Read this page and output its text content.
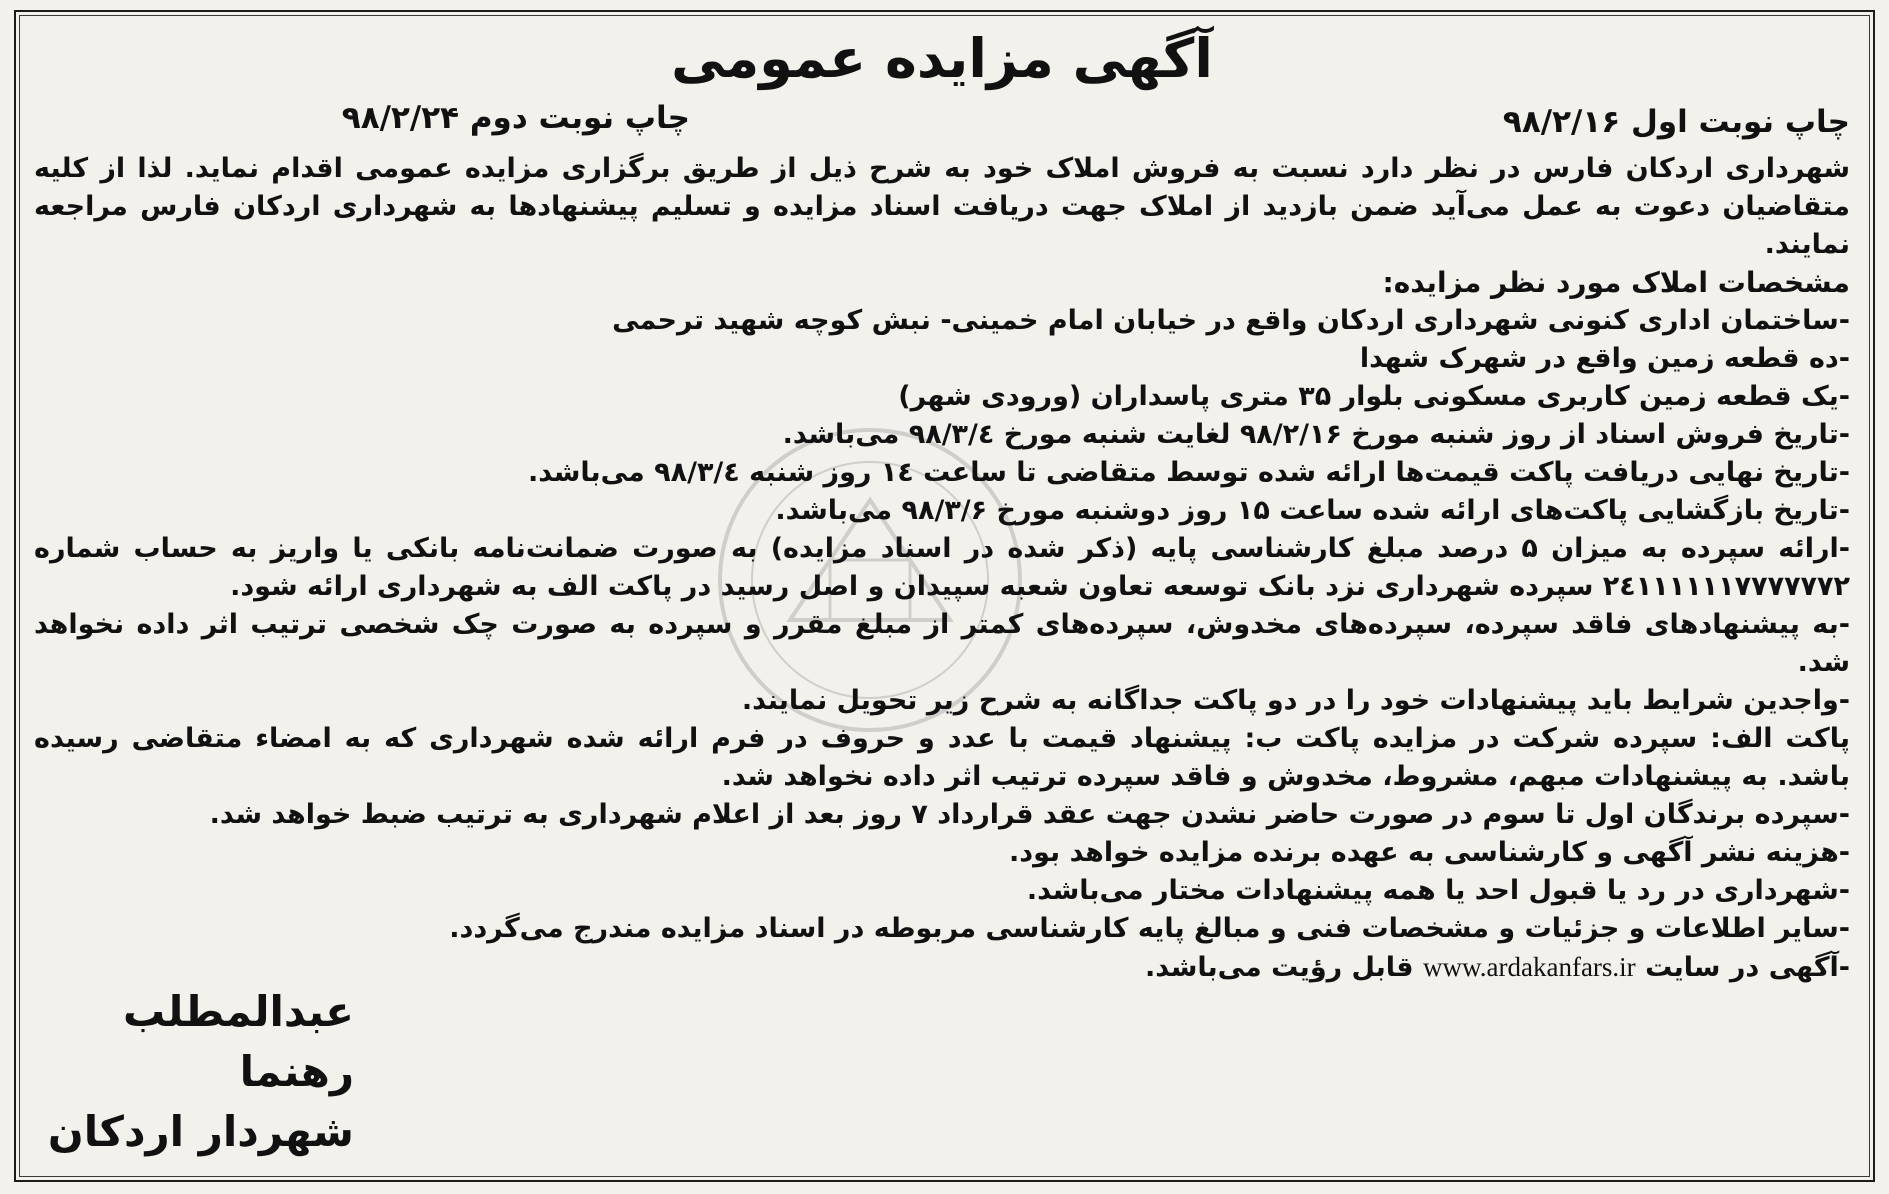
آگهی مزایده عمومی
چاپ نوبت اول ۹۸/۲/۱۶
چاپ نوبت دوم ۹۸/۲/۲۴

شهرداری اردکان فارس در نظر دارد نسبت به فروش املاک خود به شرح ذیل از طریق برگزاری مزایده عمومی اقدام نماید. لذا از کلیه متقاضیان دعوت به عمل می‌آید ضمن بازدید از املاک جهت دریافت اسناد مزایده و تسلیم پیشنهادها به شهرداری اردکان فارس مراجعه نمایند.

مشخصات املاک مورد نظر مزایده:

-ساختمان اداری کنونی شهرداری اردکان واقع در خیابان امام خمینی- نبش کوچه شهید ترحمی

-ده قطعه زمین واقع در شهرک شهدا

-یک قطعه زمین کاربری مسکونی بلوار ۳۵ متری پاسداران (ورودی شهر)

-تاریخ فروش اسناد از روز شنبه مورخ ۹۸/۲/۱۶ لغایت شنبه مورخ ۹۸/۳/٤ می‌باشد.

-تاریخ نهایی دریافت پاکت قیمت‌ها ارائه شده توسط متقاضی تا ساعت ۱٤ روز شنبه ۹۸/۳/٤ می‌باشد.

-تاریخ بازگشایی پاکت‌های ارائه شده ساعت ۱۵ روز دوشنبه مورخ ۹۸/۳/۶ می‌باشد.

-ارائه سپرده به میزان ۵ درصد مبلغ کارشناسی پایه (ذکر شده در اسناد مزایده) به صورت ضمانت‌نامه بانکی یا واریز به حساب شماره ۲٤۱۱۱۱۱۱۷۷۷۷۷۷۲ سپرده شهرداری نزد بانک توسعه تعاون شعبه سپیدان و اصل رسید در پاکت الف به شهرداری ارائه شود.

-به پیشنهادهای فاقد سپرده، سپرده‌های مخدوش، سپرده‌های کمتر از مبلغ مقرر و سپرده به صورت چک شخصی ترتیب اثر داده نخواهد شد.

-واجدین شرایط باید پیشنهادات خود را در دو پاکت جداگانه به شرح زیر تحویل نمایند.

پاکت الف: سپرده شرکت در مزایده پاکت ب: پیشنهاد قیمت با عدد و حروف در فرم ارائه شده شهرداری که به امضاء متقاضی رسیده باشد. به پیشنهادات مبهم، مشروط، مخدوش و فاقد سپرده ترتیب اثر داده نخواهد شد.

-سپرده برندگان اول تا سوم در صورت حاضر نشدن جهت عقد قرارداد ۷ روز بعد از اعلام شهرداری به ترتیب ضبط خواهد شد.

-هزینه نشر آگهی و کارشناسی به عهده برنده مزایده خواهد بود.

-شهرداری در رد یا قبول احد یا همه پیشنهادات مختار می‌باشد.

-سایر اطلاعات و جزئیات و مشخصات فنی و مبالغ پایه کارشناسی مربوطه در اسناد مزایده مندرج می‌گردد.

-آگهی در سایت www.ardakanfars.ir قابل رؤیت می‌باشد.

عبدالمطلب رهنما
شهردار اردکان
